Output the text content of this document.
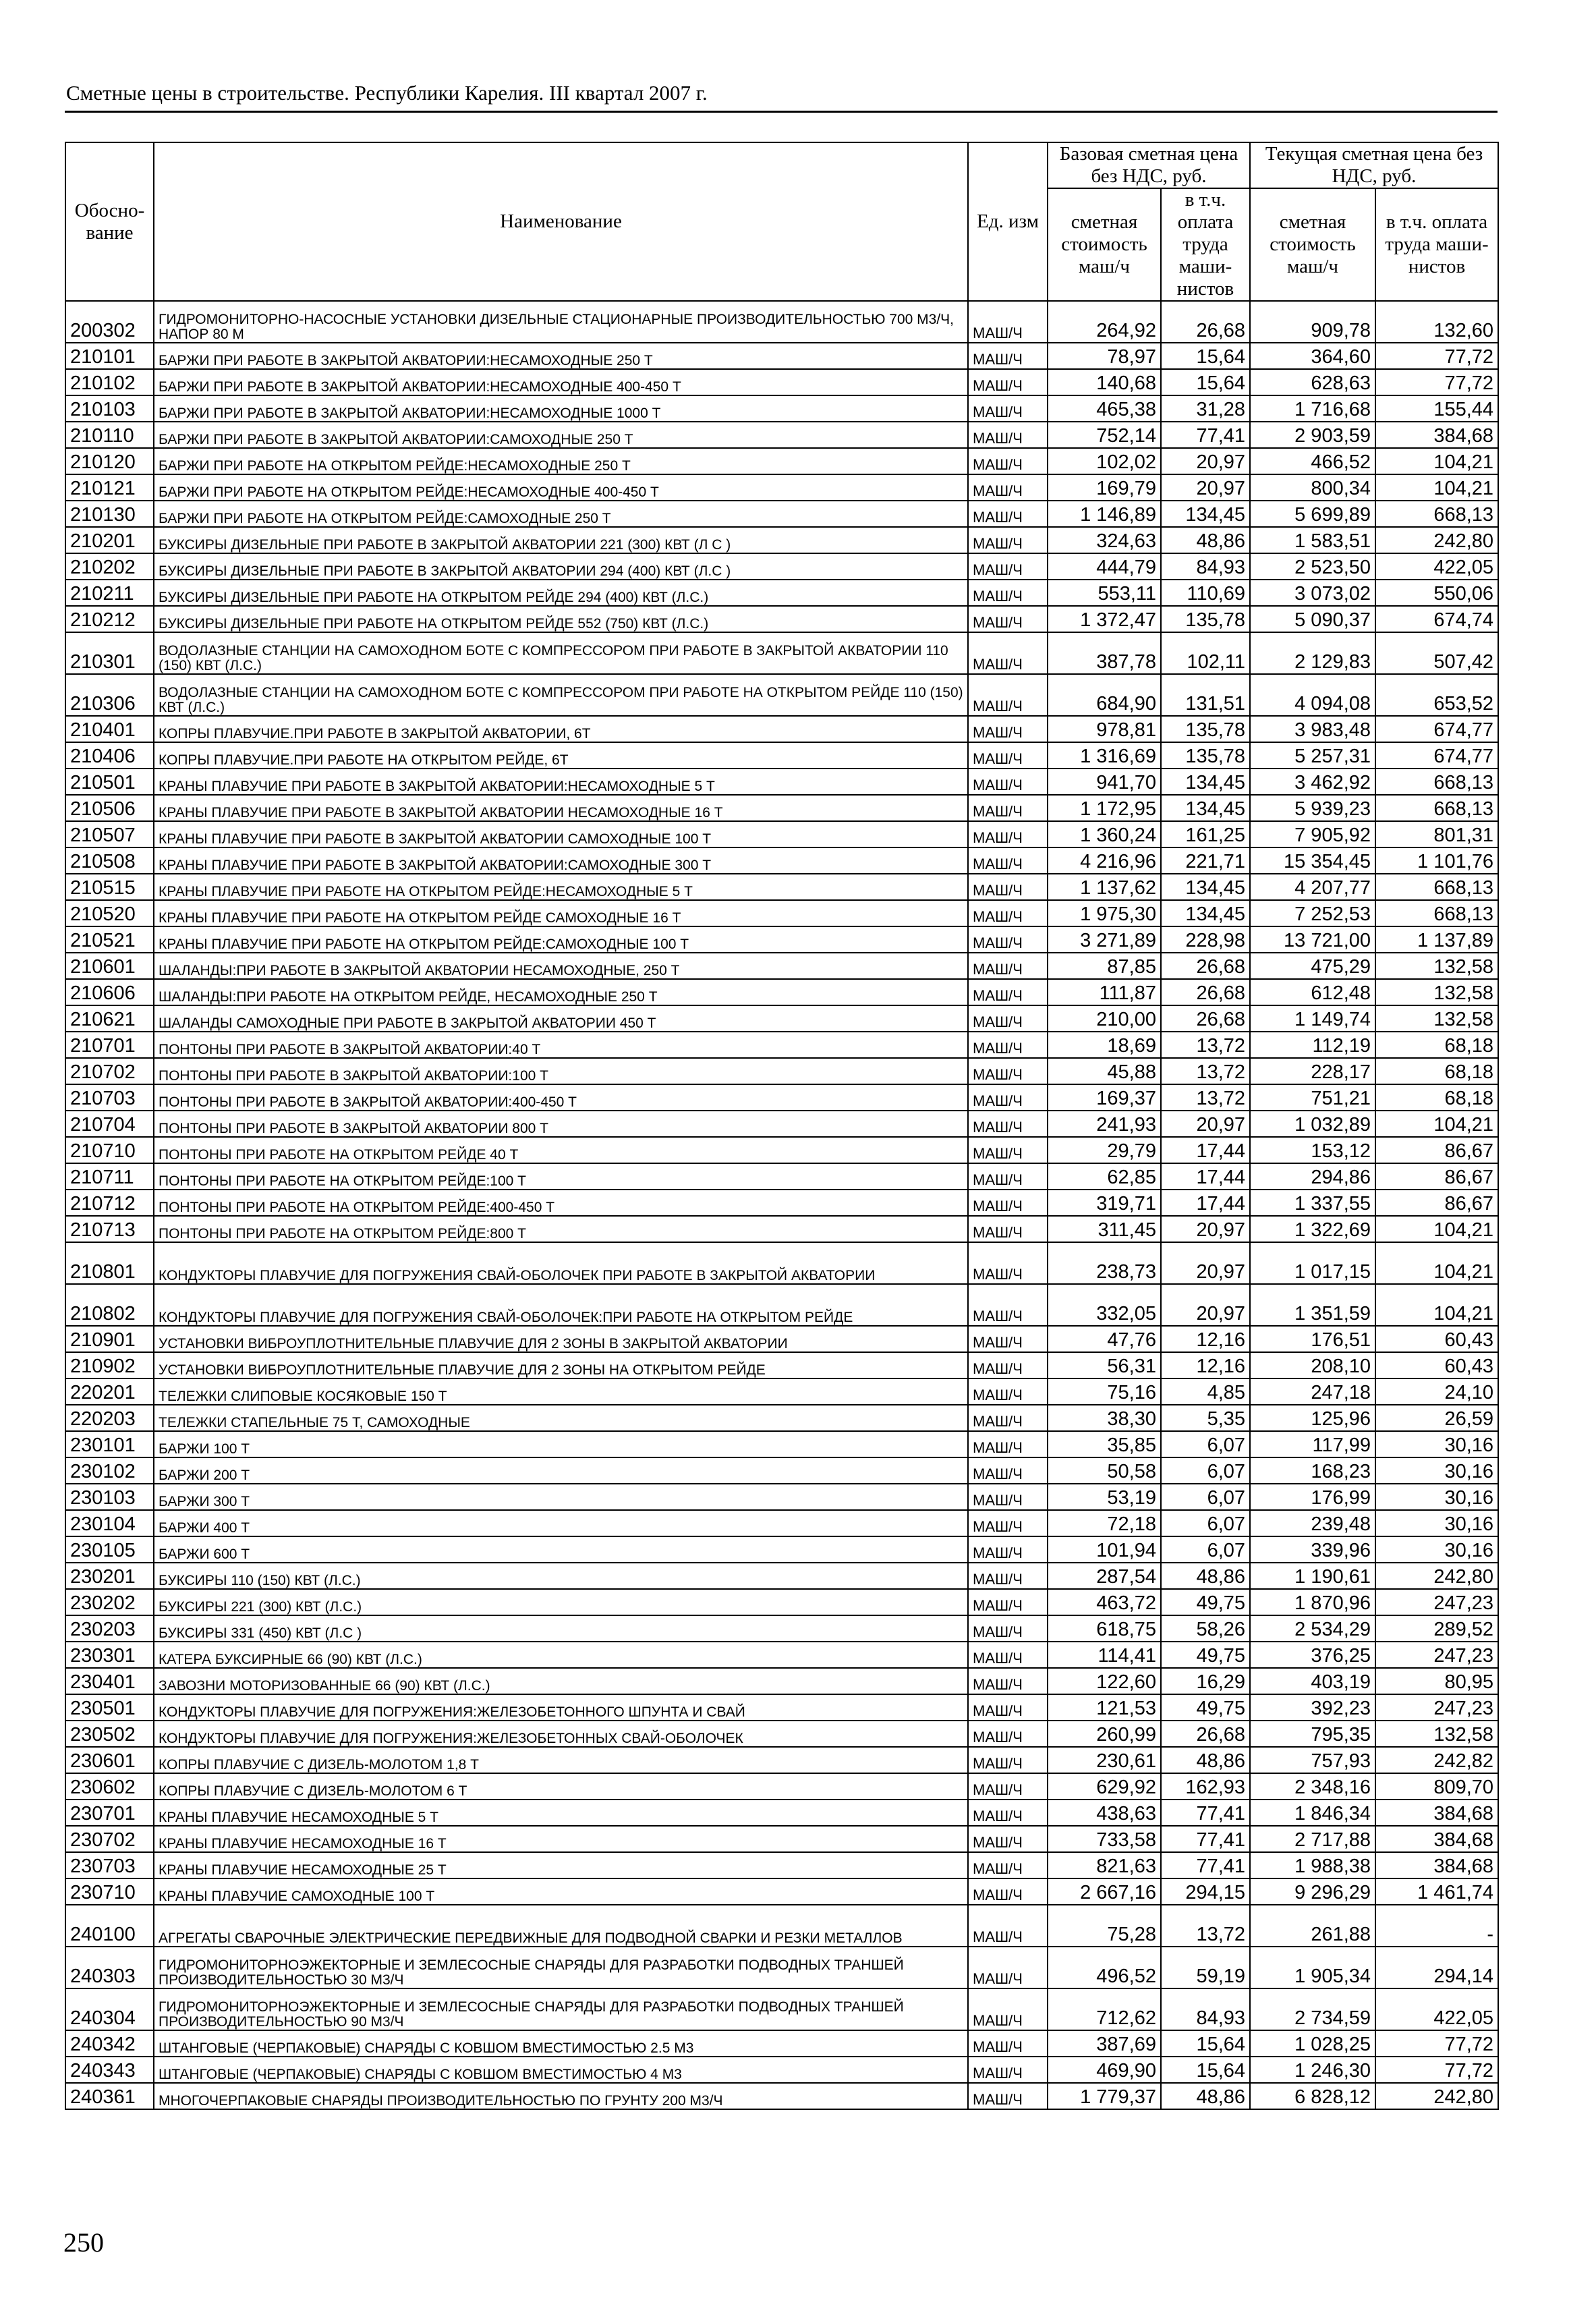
Сметные цены в строительстве. Республики Карелия. III квартал 2007 г.
Обосно-вание	Наименование	Ед. изм	Базовая сметная цена без НДС, руб.		Текущая сметная цена без НДС, руб.	
			сметная стоимость маш/ч	в т.ч. оплата труда маши-нистов	сметная стоимость маш/ч	в т.ч. оплата труда маши-нистов
200302	ГИДРОМОНИТОРНО-НАСОСНЫЕ УСТАНОВКИ ДИЗЕЛЬНЫЕ СТАЦИОНАРНЫЕ ПРОИЗВОДИТЕЛЬНОСТЬЮ 700 М3/Ч, НАПОР 80 М	МАШ/Ч	264,92	26,68	909,78	132,60
210101	БАРЖИ ПРИ РАБОТЕ В ЗАКРЫТОЙ АКВАТОРИИ:НЕСАМОХОДНЫЕ 250 Т	МАШ/Ч	78,97	15,64	364,60	77,72
210102	БАРЖИ ПРИ РАБОТЕ В ЗАКРЫТОЙ АКВАТОРИИ:НЕСАМОХОДНЫЕ 400-450 Т	МАШ/Ч	140,68	15,64	628,63	77,72
210103	БАРЖИ ПРИ РАБОТЕ В ЗАКРЫТОЙ АКВАТОРИИ:НЕСАМОХОДНЫЕ 1000 Т	МАШ/Ч	465,38	31,28	1 716,68	155,44
210110	БАРЖИ ПРИ РАБОТЕ В ЗАКРЫТОЙ АКВАТОРИИ:САМОХОДНЫЕ 250 Т	МАШ/Ч	752,14	77,41	2 903,59	384,68
210120	БАРЖИ ПРИ РАБОТЕ НА ОТКРЫТОМ РЕЙДЕ:НЕСАМОХОДНЫЕ 250 Т	МАШ/Ч	102,02	20,97	466,52	104,21
210121	БАРЖИ ПРИ РАБОТЕ НА ОТКРЫТОМ РЕЙДЕ:НЕСАМОХОДНЫЕ 400-450 Т	МАШ/Ч	169,79	20,97	800,34	104,21
210130	БАРЖИ ПРИ РАБОТЕ НА ОТКРЫТОМ РЕЙДЕ:САМОХОДНЫЕ 250 Т	МАШ/Ч	1 146,89	134,45	5 699,89	668,13
210201	БУКСИРЫ ДИЗЕЛЬНЫЕ ПРИ РАБОТЕ В ЗАКРЫТОЙ АКВАТОРИИ 221 (300) КВТ (Л С )	МАШ/Ч	324,63	48,86	1 583,51	242,80
210202	БУКСИРЫ ДИЗЕЛЬНЫЕ ПРИ РАБОТЕ В ЗАКРЫТОЙ АКВАТОРИИ 294 (400) КВТ (Л.С )	МАШ/Ч	444,79	84,93	2 523,50	422,05
210211	БУКСИРЫ ДИЗЕЛЬНЫЕ ПРИ РАБОТЕ НА ОТКРЫТОМ РЕЙДЕ 294 (400) КВТ (Л.С.)	МАШ/Ч	553,11	110,69	3 073,02	550,06
210212	БУКСИРЫ ДИЗЕЛЬНЫЕ ПРИ РАБОТЕ НА ОТКРЫТОМ РЕЙДЕ 552 (750) КВТ (Л.С.)	МАШ/Ч	1 372,47	135,78	5 090,37	674,74
210301	ВОДОЛАЗНЫЕ СТАНЦИИ НА САМОХОДНОМ БОТЕ С КОМПРЕССОРОМ ПРИ РАБОТЕ В ЗАКРЫТОЙ АКВАТОРИИ 110 (150) КВТ (Л.С.)	МАШ/Ч	387,78	102,11	2 129,83	507,42
210306	ВОДОЛАЗНЫЕ СТАНЦИИ НА САМОХОДНОМ БОТЕ С КОМПРЕССОРОМ ПРИ РАБОТЕ НА ОТКРЫТОМ РЕЙДЕ 110 (150) КВТ (Л.С.)	МАШ/Ч	684,90	131,51	4 094,08	653,52
210401	КОПРЫ ПЛАВУЧИЕ.ПРИ РАБОТЕ В ЗАКРЫТОЙ АКВАТОРИИ, 6Т	МАШ/Ч	978,81	135,78	3 983,48	674,77
210406	КОПРЫ ПЛАВУЧИЕ.ПРИ РАБОТЕ НА ОТКРЫТОМ РЕЙДЕ, 6Т	МАШ/Ч	1 316,69	135,78	5 257,31	674,77
210501	КРАНЫ ПЛАВУЧИЕ ПРИ РАБОТЕ В ЗАКРЫТОЙ АКВАТОРИИ:НЕСАМОХОДНЫЕ 5 Т	МАШ/Ч	941,70	134,45	3 462,92	668,13
210506	КРАНЫ ПЛАВУЧИЕ ПРИ РАБОТЕ В ЗАКРЫТОЙ АКВАТОРИИ НЕСАМОХОДНЫЕ 16 Т	МАШ/Ч	1 172,95	134,45	5 939,23	668,13
210507	КРАНЫ ПЛАВУЧИЕ ПРИ РАБОТЕ В ЗАКРЫТОЙ АКВАТОРИИ САМОХОДНЫЕ 100 Т	МАШ/Ч	1 360,24	161,25	7 905,92	801,31
210508	КРАНЫ ПЛАВУЧИЕ ПРИ РАБОТЕ В ЗАКРЫТОЙ АКВАТОРИИ:САМОХОДНЫЕ 300 Т	МАШ/Ч	4 216,96	221,71	15 354,45	1 101,76
210515	КРАНЫ ПЛАВУЧИЕ ПРИ РАБОТЕ НА ОТКРЫТОМ РЕЙДЕ:НЕСАМОХОДНЫЕ 5 Т	МАШ/Ч	1 137,62	134,45	4 207,77	668,13
210520	КРАНЫ ПЛАВУЧИЕ ПРИ РАБОТЕ НА ОТКРЫТОМ РЕЙДЕ САМОХОДНЫЕ 16 Т	МАШ/Ч	1 975,30	134,45	7 252,53	668,13
210521	КРАНЫ ПЛАВУЧИЕ ПРИ РАБОТЕ НА ОТКРЫТОМ РЕЙДЕ:САМОХОДНЫЕ 100 Т	МАШ/Ч	3 271,89	228,98	13 721,00	1 137,89
210601	ШАЛАНДЫ:ПРИ РАБОТЕ В ЗАКРЫТОЙ АКВАТОРИИ НЕСАМОХОДНЫЕ, 250 Т	МАШ/Ч	87,85	26,68	475,29	132,58
210606	ШАЛАНДЫ:ПРИ РАБОТЕ НА ОТКРЫТОМ РЕЙДЕ, НЕСАМОХОДНЫЕ 250 Т	МАШ/Ч	111,87	26,68	612,48	132,58
210621	ШАЛАНДЫ САМОХОДНЫЕ ПРИ РАБОТЕ В ЗАКРЫТОЙ АКВАТОРИИ 450 Т	МАШ/Ч	210,00	26,68	1 149,74	132,58
210701	ПОНТОНЫ ПРИ РАБОТЕ В ЗАКРЫТОЙ АКВАТОРИИ:40 Т	МАШ/Ч	18,69	13,72	112,19	68,18
210702	ПОНТОНЫ ПРИ РАБОТЕ В ЗАКРЫТОЙ АКВАТОРИИ:100 Т	МАШ/Ч	45,88	13,72	228,17	68,18
210703	ПОНТОНЫ ПРИ РАБОТЕ В ЗАКРЫТОЙ АКВАТОРИИ:400-450 Т	МАШ/Ч	169,37	13,72	751,21	68,18
210704	ПОНТОНЫ ПРИ РАБОТЕ В ЗАКРЫТОЙ АКВАТОРИИ 800 Т	МАШ/Ч	241,93	20,97	1 032,89	104,21
210710	ПОНТОНЫ ПРИ РАБОТЕ НА ОТКРЫТОМ РЕЙДЕ 40 Т	МАШ/Ч	29,79	17,44	153,12	86,67
210711	ПОНТОНЫ ПРИ РАБОТЕ НА ОТКРЫТОМ РЕЙДЕ:100 Т	МАШ/Ч	62,85	17,44	294,86	86,67
210712	ПОНТОНЫ ПРИ РАБОТЕ НА ОТКРЫТОМ РЕЙДЕ:400-450 Т	МАШ/Ч	319,71	17,44	1 337,55	86,67
210713	ПОНТОНЫ ПРИ РАБОТЕ НА ОТКРЫТОМ РЕЙДЕ:800 Т	МАШ/Ч	311,45	20,97	1 322,69	104,21
210801	КОНДУКТОРЫ ПЛАВУЧИЕ ДЛЯ ПОГРУЖЕНИЯ СВАЙ-ОБОЛОЧЕК ПРИ РАБОТЕ В ЗАКРЫТОЙ АКВАТОРИИ	МАШ/Ч	238,73	20,97	1 017,15	104,21
210802	КОНДУКТОРЫ ПЛАВУЧИЕ ДЛЯ ПОГРУЖЕНИЯ СВАЙ-ОБОЛОЧЕК:ПРИ РАБОТЕ НА ОТКРЫТОМ РЕЙДЕ	МАШ/Ч	332,05	20,97	1 351,59	104,21
210901	УСТАНОВКИ ВИБРОУПЛОТНИТЕЛЬНЫЕ ПЛАВУЧИЕ ДЛЯ 2 ЗОНЫ В ЗАКРЫТОЙ АКВАТОРИИ	МАШ/Ч	47,76	12,16	176,51	60,43
210902	УСТАНОВКИ ВИБРОУПЛОТНИТЕЛЬНЫЕ ПЛАВУЧИЕ ДЛЯ 2 ЗОНЫ НА ОТКРЫТОМ РЕЙДЕ	МАШ/Ч	56,31	12,16	208,10	60,43
220201	ТЕЛЕЖКИ СЛИПОВЫЕ КОСЯКОВЫЕ 150 Т	МАШ/Ч	75,16	4,85	247,18	24,10
220203	ТЕЛЕЖКИ СТАПЕЛЬНЫЕ 75 Т, САМОХОДНЫЕ	МАШ/Ч	38,30	5,35	125,96	26,59
230101	БАРЖИ 100 Т	МАШ/Ч	35,85	6,07	117,99	30,16
230102	БАРЖИ 200 Т	МАШ/Ч	50,58	6,07	168,23	30,16
230103	БАРЖИ 300 Т	МАШ/Ч	53,19	6,07	176,99	30,16
230104	БАРЖИ 400 Т	МАШ/Ч	72,18	6,07	239,48	30,16
230105	БАРЖИ 600 Т	МАШ/Ч	101,94	6,07	339,96	30,16
230201	БУКСИРЫ 110 (150) КВТ (Л.С.)	МАШ/Ч	287,54	48,86	1 190,61	242,80
230202	БУКСИРЫ 221 (300) КВТ (Л.С.)	МАШ/Ч	463,72	49,75	1 870,96	247,23
230203	БУКСИРЫ 331 (450) КВТ (Л.С )	МАШ/Ч	618,75	58,26	2 534,29	289,52
230301	КАТЕРА БУКСИРНЫЕ 66 (90) КВТ (Л.С.)	МАШ/Ч	114,41	49,75	376,25	247,23
230401	ЗАВОЗНИ МОТОРИЗОВАННЫЕ 66 (90) КВТ (Л.С.)	МАШ/Ч	122,60	16,29	403,19	80,95
230501	КОНДУКТОРЫ ПЛАВУЧИЕ ДЛЯ ПОГРУЖЕНИЯ:ЖЕЛЕЗОБЕТОННОГО ШПУНТА И СВАЙ	МАШ/Ч	121,53	49,75	392,23	247,23
230502	КОНДУКТОРЫ ПЛАВУЧИЕ ДЛЯ ПОГРУЖЕНИЯ:ЖЕЛЕЗОБЕТОННЫХ СВАЙ-ОБОЛОЧЕК	МАШ/Ч	260,99	26,68	795,35	132,58
230601	КОПРЫ ПЛАВУЧИЕ С ДИЗЕЛЬ-МОЛОТОМ 1,8 Т	МАШ/Ч	230,61	48,86	757,93	242,82
230602	КОПРЫ ПЛАВУЧИЕ С ДИЗЕЛЬ-МОЛОТОМ 6 Т	МАШ/Ч	629,92	162,93	2 348,16	809,70
230701	КРАНЫ ПЛАВУЧИЕ НЕСАМОХОДНЫЕ 5 Т	МАШ/Ч	438,63	77,41	1 846,34	384,68
230702	КРАНЫ ПЛАВУЧИЕ НЕСАМОХОДНЫЕ 16 Т	МАШ/Ч	733,58	77,41	2 717,88	384,68
230703	КРАНЫ ПЛАВУЧИЕ НЕСАМОХОДНЫЕ 25 Т	МАШ/Ч	821,63	77,41	1 988,38	384,68
230710	КРАНЫ ПЛАВУЧИЕ САМОХОДНЫЕ 100 Т	МАШ/Ч	2 667,16	294,15	9 296,29	1 461,74
240100	АГРЕГАТЫ СВАРОЧНЫЕ ЭЛЕКТРИЧЕСКИЕ ПЕРЕДВИЖНЫЕ ДЛЯ ПОДВОДНОЙ СВАРКИ И РЕЗКИ МЕТАЛЛОВ	МАШ/Ч	75,28	13,72	261,88	-
240303	ГИДРОМОНИТОРНОЭЖЕКТОРНЫЕ И ЗЕМЛЕСОСНЫЕ СНАРЯДЫ ДЛЯ РАЗРАБОТКИ ПОДВОДНЫХ ТРАНШЕЙ ПРОИЗВОДИТЕЛЬНОСТЬЮ 30 М3/Ч	МАШ/Ч	496,52	59,19	1 905,34	294,14
240304	ГИДРОМОНИТОРНОЭЖЕКТОРНЫЕ И ЗЕМЛЕСОСНЫЕ СНАРЯДЫ ДЛЯ РАЗРАБОТКИ ПОДВОДНЫХ ТРАНШЕЙ ПРОИЗВОДИТЕЛЬНОСТЬЮ 90 М3/Ч	МАШ/Ч	712,62	84,93	2 734,59	422,05
240342	ШТАНГОВЫЕ (ЧЕРПАКОВЫЕ) СНАРЯДЫ С КОВШОМ ВМЕСТИМОСТЬЮ 2.5 М3	МАШ/Ч	387,69	15,64	1 028,25	77,72
240343	ШТАНГОВЫЕ (ЧЕРПАКОВЫЕ) СНАРЯДЫ С КОВШОМ ВМЕСТИМОСТЬЮ 4 М3	МАШ/Ч	469,90	15,64	1 246,30	77,72
240361	МНОГОЧЕРПАКОВЫЕ СНАРЯДЫ ПРОИЗВОДИТЕЛЬНОСТЬЮ ПО ГРУНТУ 200 М3/Ч	МАШ/Ч	1 779,37	48,86	6 828,12	242,80
250
